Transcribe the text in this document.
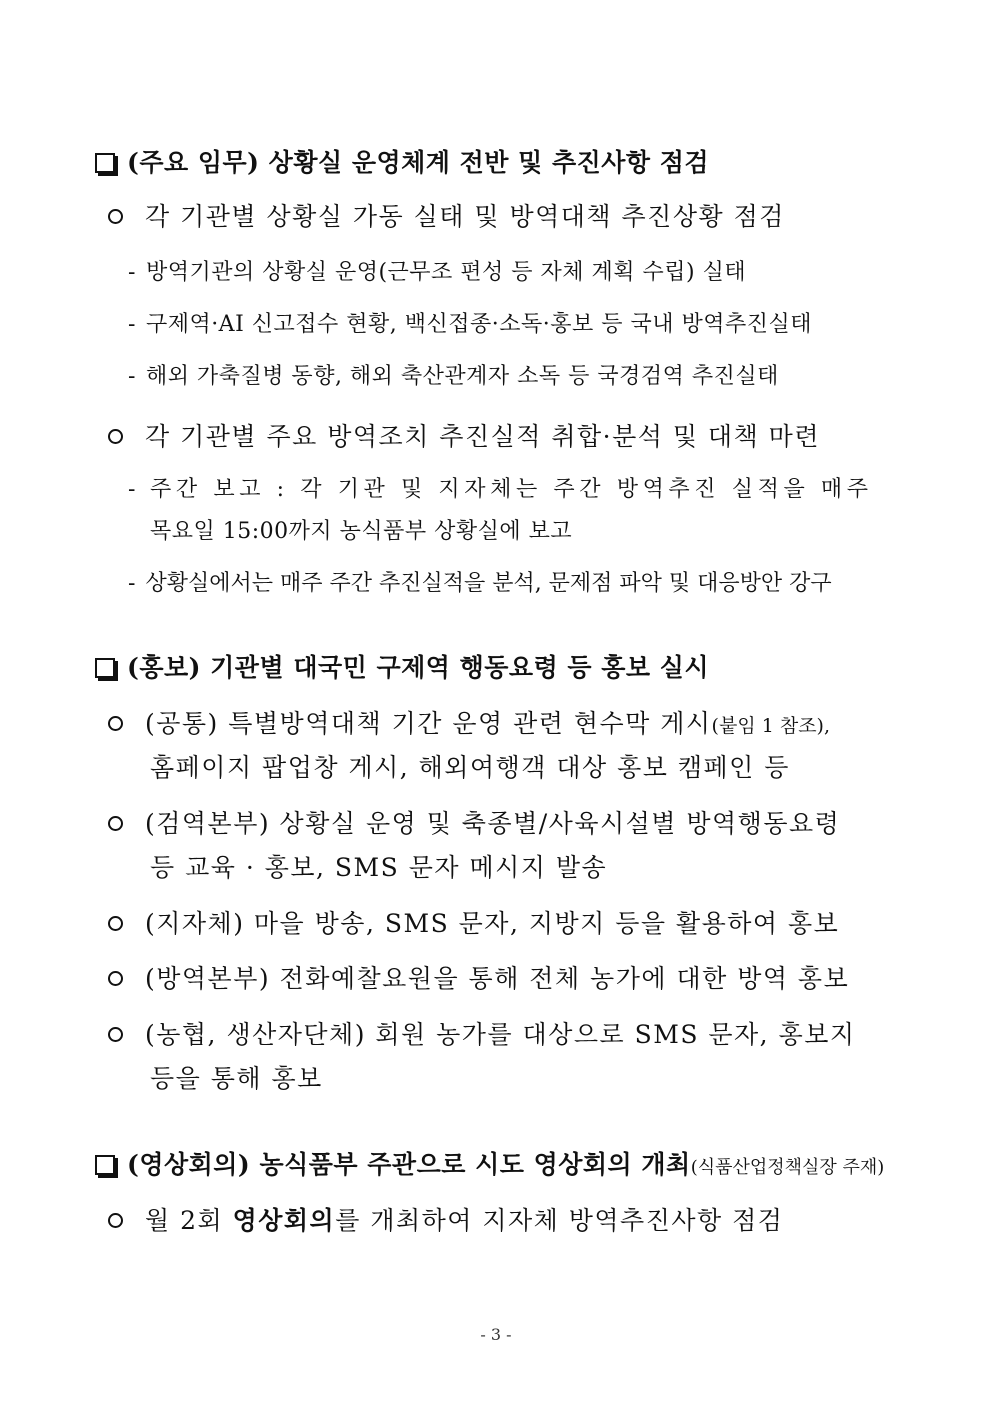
(주요 임무) 상황실 운영체계 전반 및 추진사항 점검
각 기관별 상황실 가동 실태 및 방역대책 추진상황 점검
- 방역기관의 상황실 운영(근무조 편성 등 자체 계획 수립) 실태
- 구제역·AI 신고접수 현황, 백신접종·소독·홍보 등 국내 방역추진실태
- 해외 가축질병 동향, 해외 축산관계자 소독 등 국경검역 추진실태
각 기관별 주요 방역조치 추진실적 취합·분석 및 대책 마련
- 주간 보고 : 각 기관 및 지자체는 주간 방역추진 실적을 매주
목요일 15:00까지 농식품부 상황실에 보고
- 상황실에서는 매주 주간 추진실적을 분석, 문제점 파악 및 대응방안 강구
(홍보) 기관별 대국민 구제역 행동요령 등 홍보 실시
(공통) 특별방역대책 기간 운영 관련 현수막 게시(붙임 1 참조),
홈페이지 팝업창 게시, 해외여행객 대상 홍보 캠페인 등
(검역본부) 상황실 운영 및 축종별/사육시설별 방역행동요령
등 교육 · 홍보, SMS 문자 메시지 발송
(지자체) 마을 방송, SMS 문자, 지방지 등을 활용하여 홍보
(방역본부) 전화예찰요원을 통해 전체 농가에 대한 방역 홍보
(농협, 생산자단체) 회원 농가를 대상으로 SMS 문자, 홍보지
등을 통해 홍보
(영상회의) 농식품부 주관으로 시도 영상회의 개최(식품산업정책실장 주재)
월 2회 영상회의를 개최하여 지자체 방역추진사항 점검
- 3 -
